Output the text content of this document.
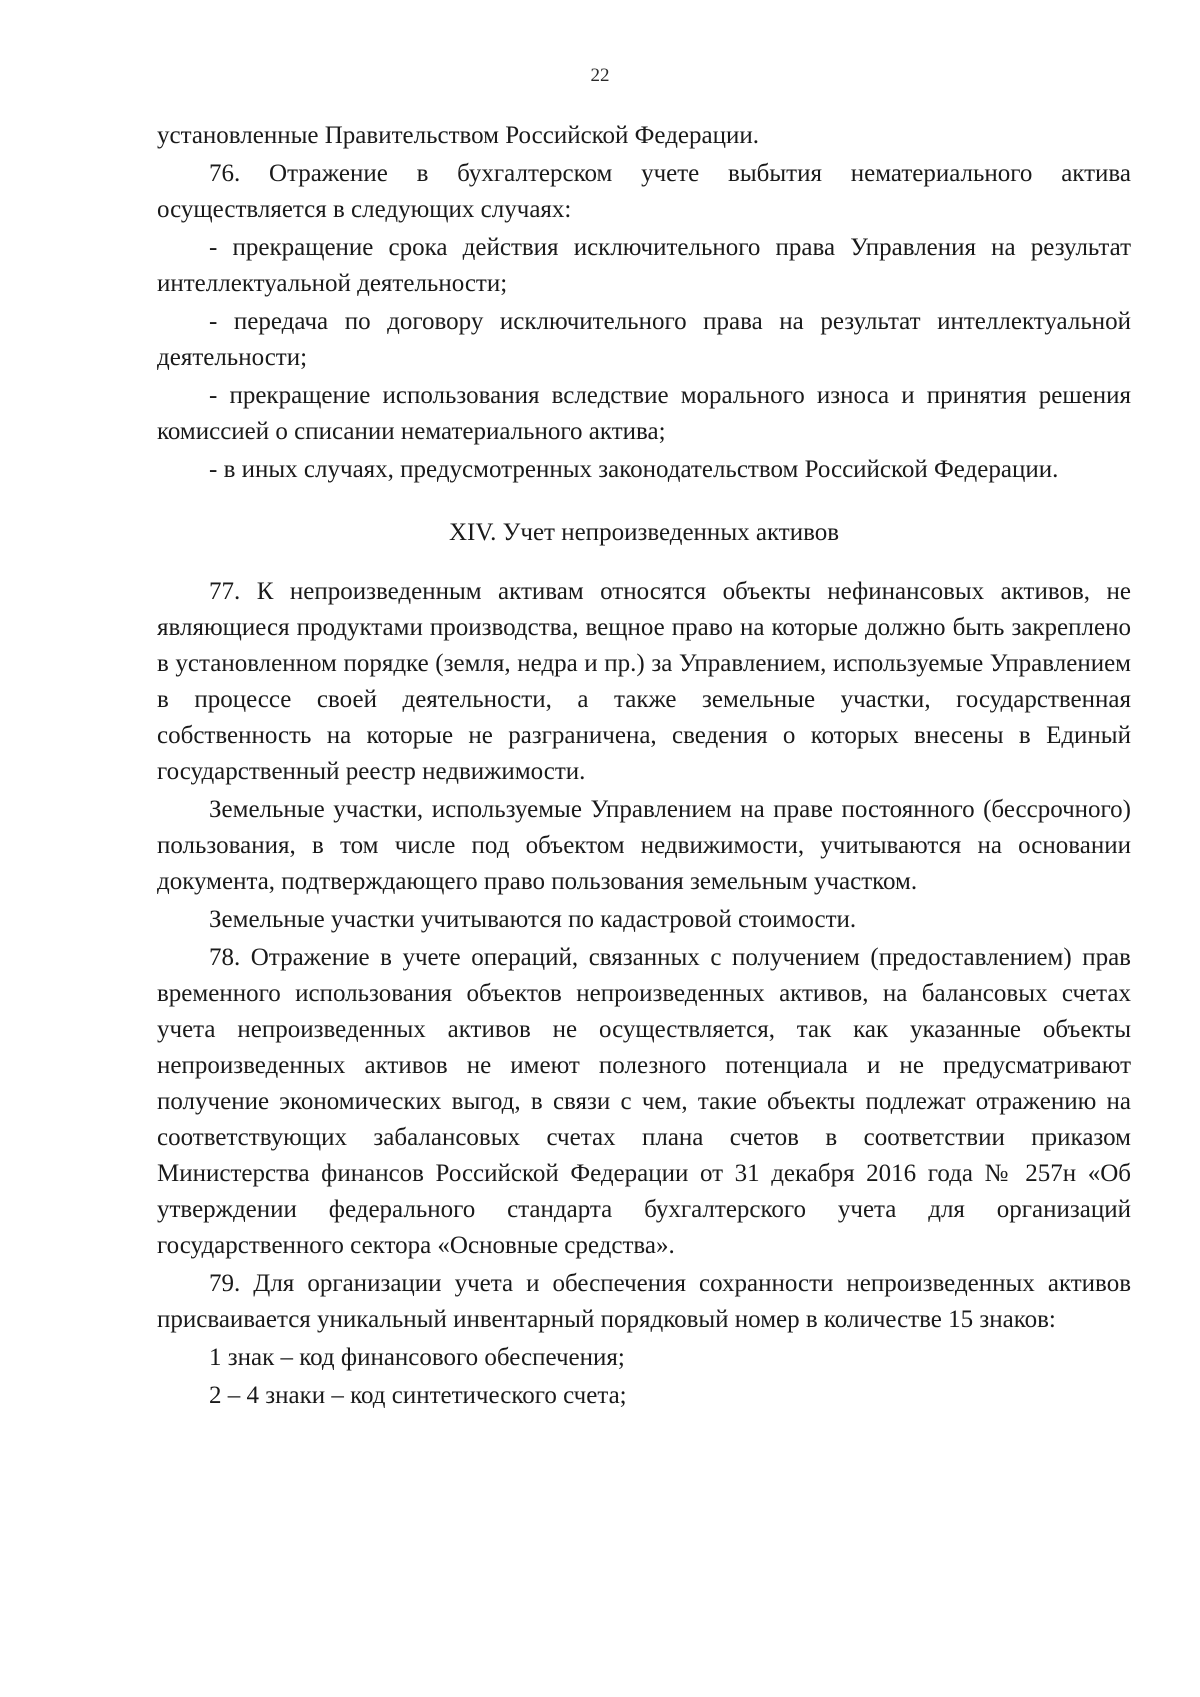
22

установленные Правительством Российской Федерации.

76. Отражение в бухгалтерском учете выбытия нематериального актива осуществляется в следующих случаях:

- прекращение срока действия исключительного права Управления на результат интеллектуальной деятельности;

- передача по договору исключительного права на результат интеллектуальной деятельности;

- прекращение использования вследствие морального износа и принятия решения комиссией о списании нематериального актива;

- в иных случаях, предусмотренных законодательством Российской Федерации.

XIV. Учет непроизведенных активов

77. К непроизведенным активам относятся объекты нефинансовых активов, не являющиеся продуктами производства, вещное право на которые должно быть закреплено в установленном порядке (земля, недра и пр.) за Управлением, используемые Управлением в процессе своей деятельности, а также земельные участки, государственная собственность на которые не разграничена, сведения о которых внесены в Единый государственный реестр недвижимости.

Земельные участки, используемые Управлением на праве постоянного (бессрочного) пользования, в том числе под объектом недвижимости, учитываются на основании документа, подтверждающего право пользования земельным участком.

Земельные участки учитываются по кадастровой стоимости.

78. Отражение в учете операций, связанных с получением (предоставлением) прав временного использования объектов непроизведенных активов, на балансовых счетах учета непроизведенных активов не осуществляется, так как указанные объекты непроизведенных активов не имеют полезного потенциала и не предусматривают получение экономических выгод, в связи с чем, такие объекты подлежат отражению на соответствующих забалансовых счетах плана счетов в соответствии приказом Министерства финансов Российской Федерации от 31 декабря 2016 года № 257н «Об утверждении федерального стандарта бухгалтерского учета для организаций государственного сектора «Основные средства».

79. Для организации учета и обеспечения сохранности непроизведенных активов присваивается уникальный инвентарный порядковый номер в количестве 15 знаков:

1 знак – код финансового обеспечения;

2 – 4 знаки – код синтетического счета;
